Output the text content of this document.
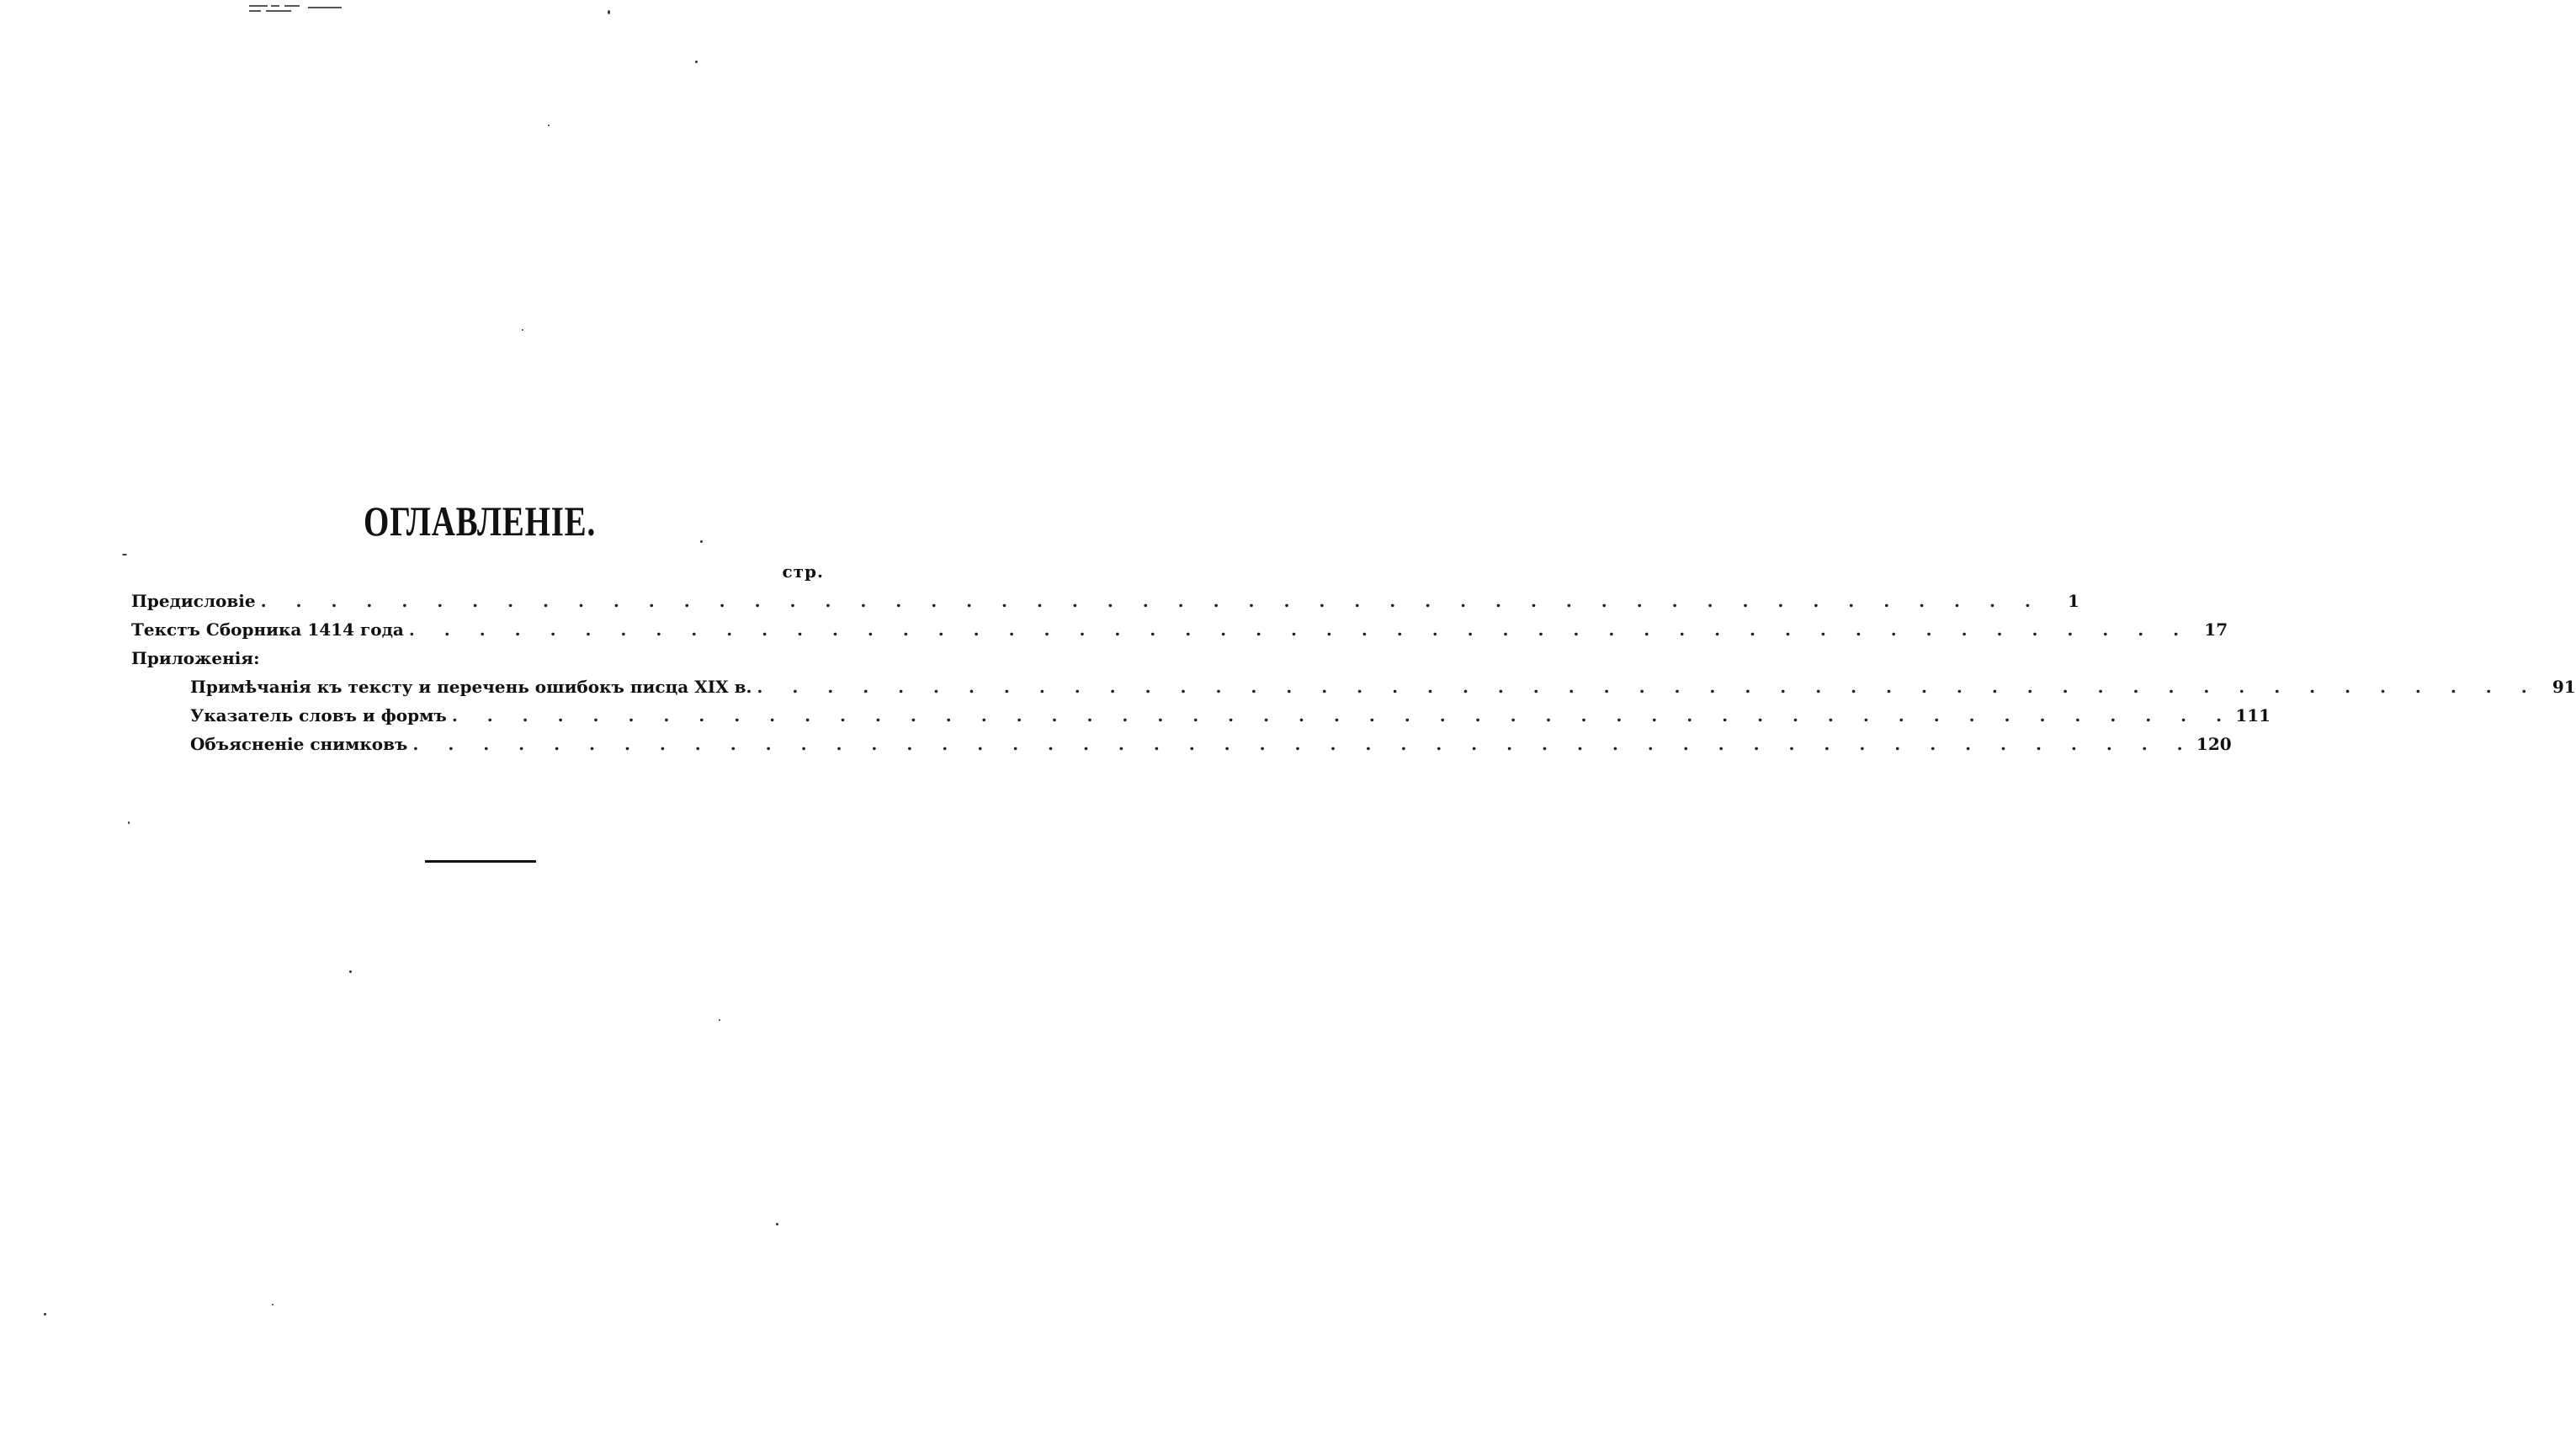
ОГЛАВЛЕНІЕ.
стр.
Предисловіе . . . . . . . . . . . . . . . . . . . . . . . . . . . . . . . . . . . . . . . . . . . . . . . . . . .	1
Текстъ Сборника 1414 года . . . . . . . . . . . . . . . . . . . . . . . . . . . . . . . . . . . . . . . . . . . . . . . . . . . 17
Приложенія:
Примѣчанія къ тексту и перечень ошибокъ писца XIX в. . . . . . . . . . . . . . . . . . . . . . . . . . . . . . . . . . . . . . . . . . . . . . . . . . . . 91
Указатель словъ и формъ . . . . . . . . . . . . . . . . . . . . . . . . . . . . . . . . . . . . . . . . . . . . . . . . . . . 111
Объясненіе снимковъ . . . . . . . . . . . . . . . . . . . . . . . . . . . . . . . . . . . . . . . . . . . . . . . . . . . 120
